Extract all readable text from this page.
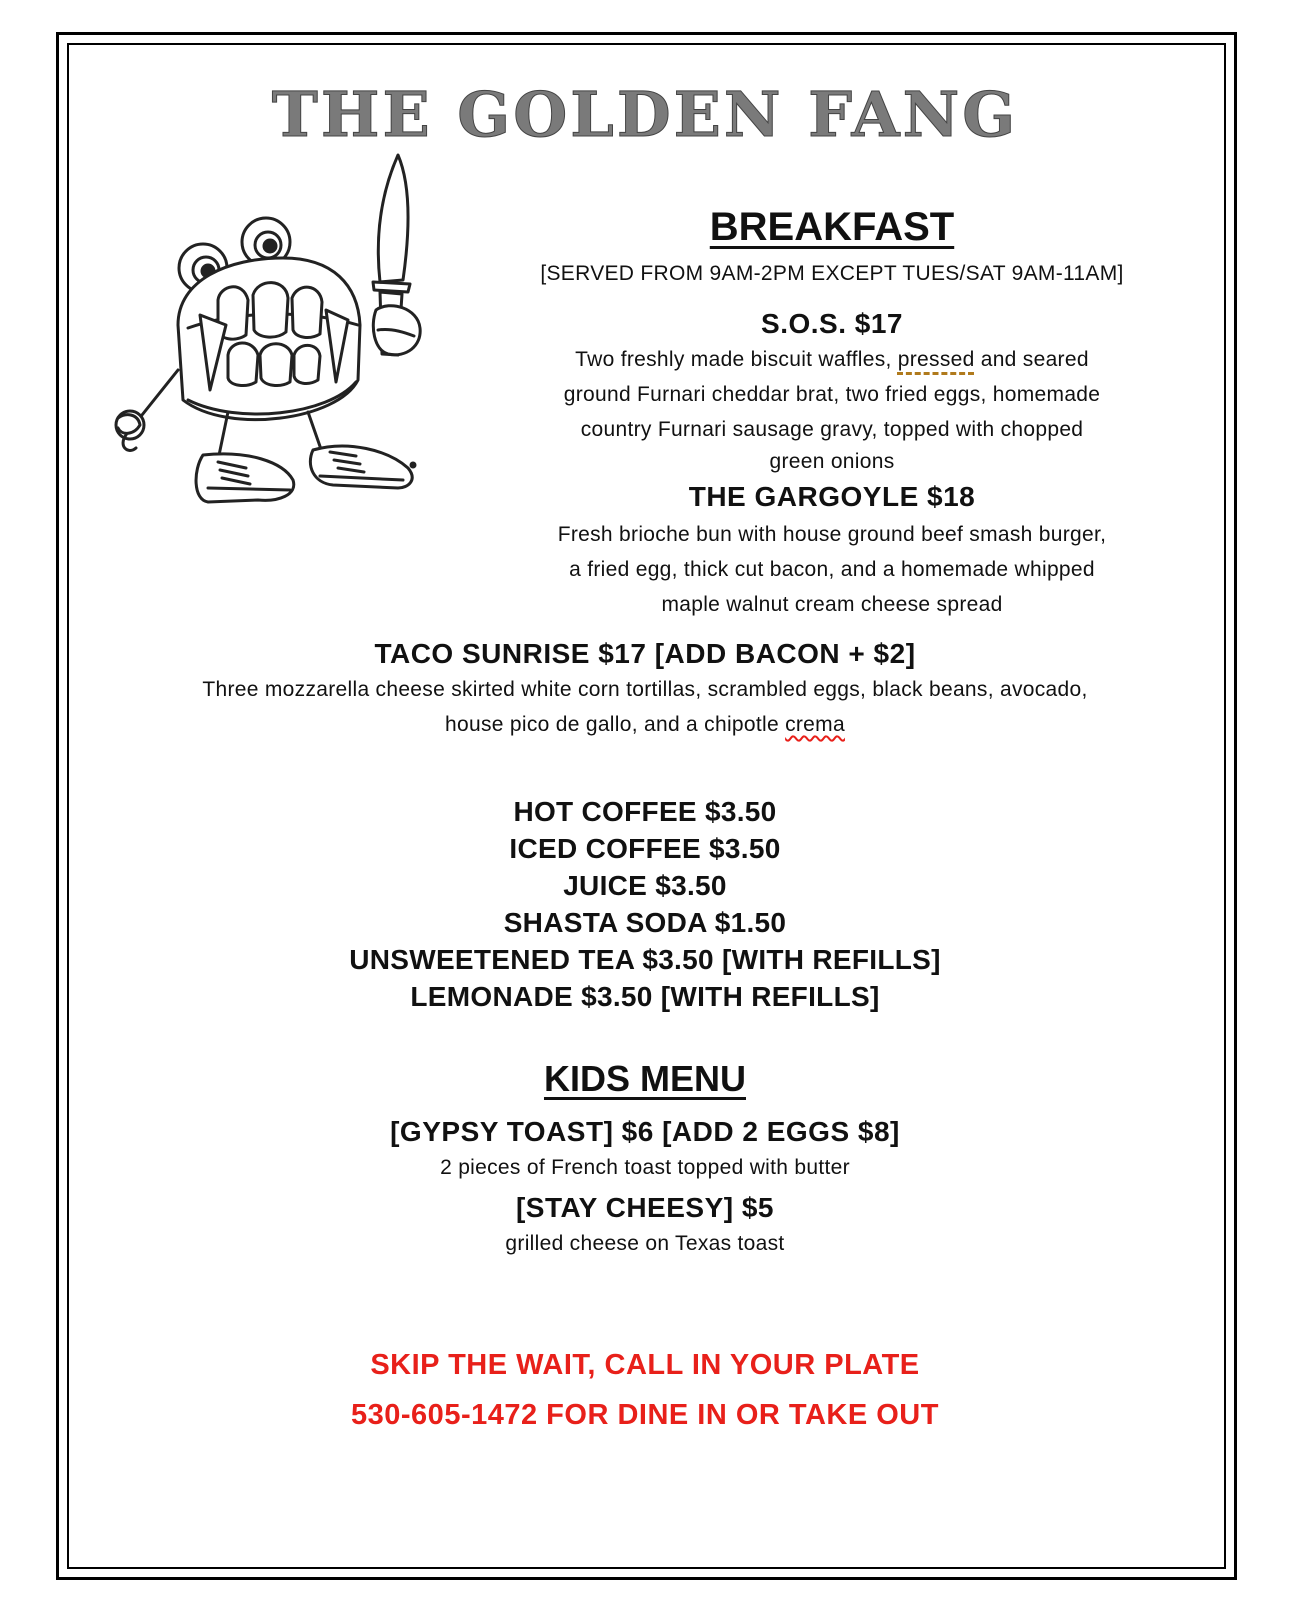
THE GOLDEN FANG
BREAKFAST
[SERVED FROM 9AM-2PM EXCEPT TUES/SAT 9AM-11AM]
S.O.S. $17
Two freshly made biscuit waffles, pressed and seared
ground Furnari cheddar brat, two fried eggs, homemade
country Furnari sausage gravy, topped with chopped
green onions
THE GARGOYLE $18
Fresh brioche bun with house ground beef smash burger,
a fried egg, thick cut bacon, and a homemade whipped
maple walnut cream cheese spread
TACO SUNRISE $17 [ADD BACON + $2]
Three mozzarella cheese skirted white corn tortillas, scrambled eggs, black beans, avocado,
house pico de gallo, and a chipotle crema
HOT COFFEE $3.50
ICED COFFEE $3.50
JUICE $3.50
SHASTA SODA $1.50
UNSWEETENED TEA $3.50 [WITH REFILLS]
LEMONADE $3.50 [WITH REFILLS]
KIDS MENU
[GYPSY TOAST] $6 [ADD 2 EGGS $8]
2 pieces of French toast topped with butter
[STAY CHEESY] $5
grilled cheese on Texas toast
SKIP THE WAIT, CALL IN YOUR PLATE
530-605-1472 FOR DINE IN OR TAKE OUT
